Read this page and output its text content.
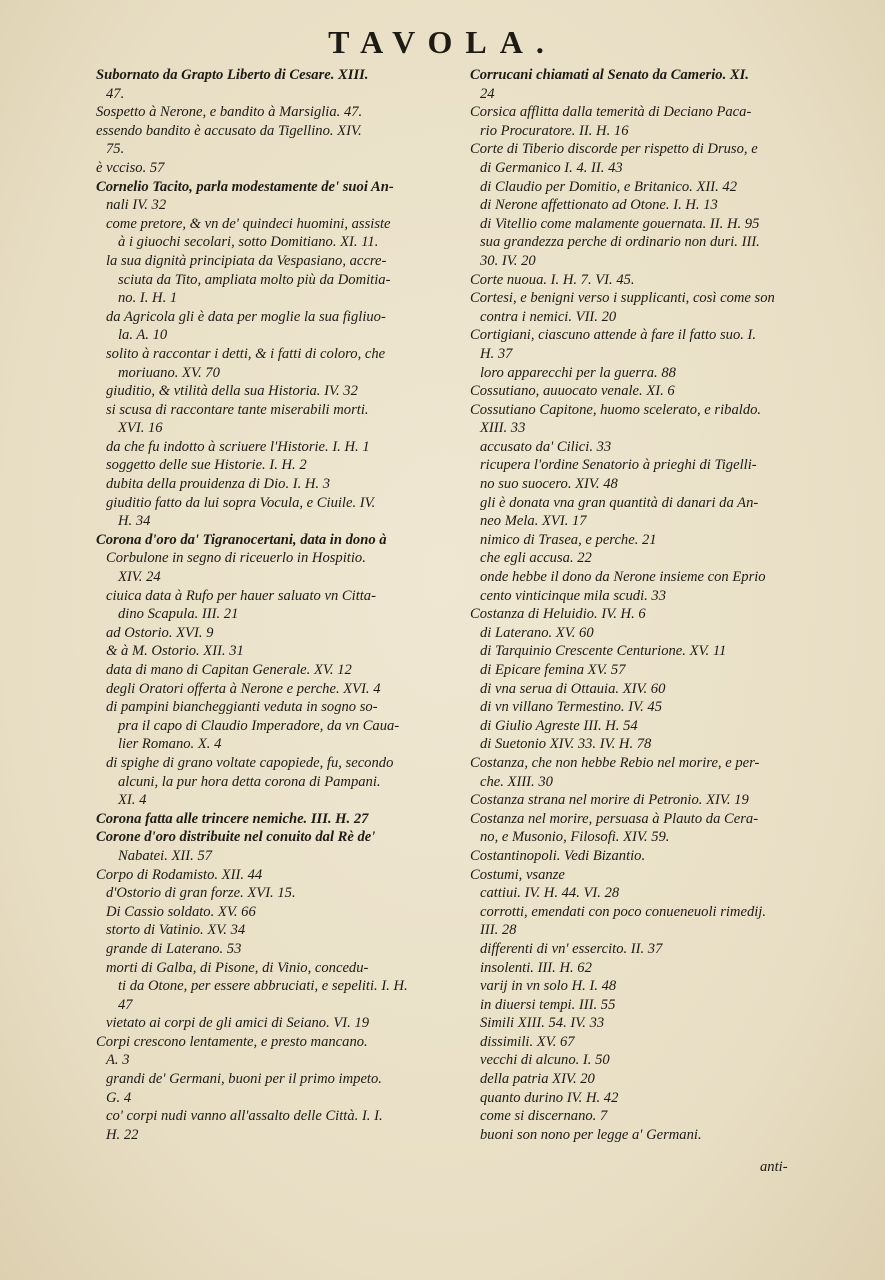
TAVOLA.
Subornato da Grapto Liberto di Cesare. XIII.
47.
Sospetto à Nerone, e bandito à Marsiglia. 47.
essendo bandito è accusato da Tigellino. XIV.
75.
è vcciso. 57
Cornelio Tacito, parla modestamente de' suoi An-
nali IV. 32
come pretore, & vn de' quindeci huomini, assiste
à i giuochi secolari, sotto Domitiano. XI. 11.
la sua dignità principiata da Vespasiano, accre-
sciuta da Tito, ampliata molto più da Domitia-
no. I. H. 1
da Agricola gli è data per moglie la sua figliuo-
la. A. 10
solito à raccontar i detti, & i fatti di coloro, che
moriuano. XV. 70
giuditio, & vtilità della sua Historia. IV. 32
si scusa di raccontare tante miserabili morti.
XVI. 16
da che fu indotto à scriuere l'Historie. I. H. 1
soggetto delle sue Historie. I. H. 2
dubita della prouidenza di Dio. I. H. 3
giuditio fatto da lui sopra Vocula, e Ciuile. IV.
H. 34
Corona d'oro da' Tigranocertani, data in dono à
Corbulone in segno di riceuerlo in Hospitio.
XIV. 24
ciuica data à Rufo per hauer saluato vn Citta-
dino Scapula. III. 21
ad Ostorio. XVI. 9
& à M. Ostorio. XII. 31
data di mano di Capitan Generale. XV. 12
degli Oratori offerta à Nerone e perche. XVI. 4
di pampini biancheggianti veduta in sogno so-
pra il capo di Claudio Imperadore, da vn Caua-
lier Romano. X. 4
di spighe di grano voltate capopiede, fu, secondo
alcuni, la pur hora detta corona di Pampani.
XI. 4
Corona fatta alle trincere nemiche. III. H. 27
Corone d'oro distribuite nel conuito dal Rè de'
Nabatei. XII. 57
Corpo di Rodamisto. XII. 44
d'Ostorio di gran forze. XVI. 15.
Di Cassio soldato. XV. 66
storto di Vatinio. XV. 34
grande di Laterano. 53
morti di Galba, di Pisone, di Vinio, concedu-
ti da Otone, per essere abbruciati, e sepeliti. I. H.
47
vietato ai corpi de gli amici di Seiano. VI. 19
Corpi crescono lentamente, e presto mancano.
A. 3
grandi de' Germani, buoni per il primo impeto.
G. 4
co' corpi nudi vanno all'assalto delle Città. I. I.
H. 22
Corrucani chiamati al Senato da Camerio. XI.
24
Corsica afflitta dalla temerità di Deciano Paca-
rio Procuratore. II. H. 16
Corte di Tiberio discorde per rispetto di Druso, e
di Germanico I. 4. II. 43
di Claudio per Domitio, e Britanico. XII. 42
di Nerone affettionato ad Otone. I. H. 13
di Vitellio come malamente gouernata. II. H. 95
sua grandezza perche di ordinario non duri. III.
30. IV. 20
Corte nuoua. I. H. 7. VI. 45.
Cortesi, e benigni verso i supplicanti, così come son
contra i nemici. VII. 20
Cortigiani, ciascuno attende à fare il fatto suo. I.
H. 37
loro apparecchi per la guerra. 88
Cossutiano, auuocato venale. XI. 6
Cossutiano Capitone, huomo scelerato, e ribaldo.
XIII. 33
accusato da' Cilici. 33
ricupera l'ordine Senatorio à prieghi di Tigelli-
no suo suocero. XIV. 48
gli è donata vna gran quantità di danari da An-
neo Mela. XVI. 17
nimico di Trasea, e perche. 21
che egli accusa. 22
onde hebbe il dono da Nerone insieme con Eprio
cento vinticinque mila scudi. 33
Costanza di Heluidio. IV. H. 6
di Laterano. XV. 60
di Tarquinio Crescente Centurione. XV. 11
di Epicare femina XV. 57
di vna serua di Ottauia. XIV. 60
di vn villano Termestino. IV. 45
di Giulio Agreste III. H. 54
di Suetonio XIV. 33. IV. H. 78
Costanza, che non hebbe Rebio nel morire, e per-
che. XIII. 30
Costanza strana nel morire di Petronio. XIV. 19
Costanza nel morire, persuasa à Plauto da Cera-
no, e Musonio, Filosofi. XIV. 59.
Costantinopoli. Vedi Bizantio.
Costumi, vsanze
cattiui. IV. H. 44. VI. 28
corrotti, emendati con poco conueneuoli rimedij.
III. 28
differenti di vn' essercito. II. 37
insolenti. III. H. 62
varij in vn solo H. I. 48
in diuersi tempi. III. 55
Simili XIII. 54. IV. 33
dissimili. XV. 67
vecchi di alcuno. I. 50
della patria XIV. 20
quanto durino IV. H. 42
come si discernano. 7
buoni son nono per legge a' Germani.
anti-
